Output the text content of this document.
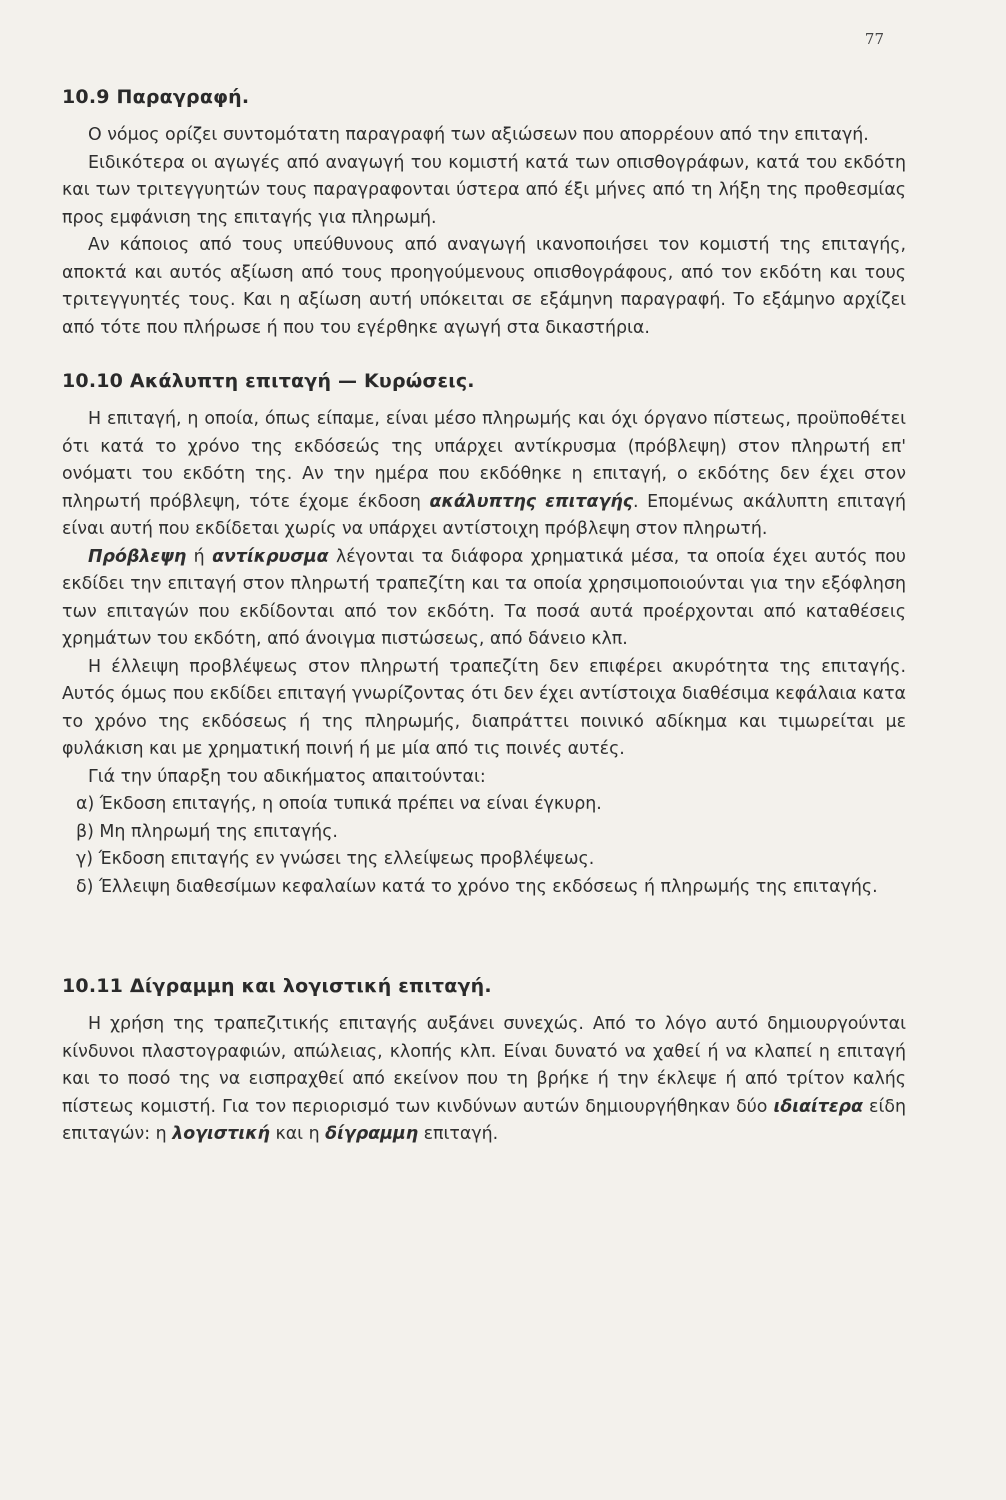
77
10.9 Παραγραφή.

Ο νόμος ορίζει συντομότατη παραγραφή των αξιώσεων που απορρέουν από την επιταγή.

Ειδικότερα οι αγωγές από αναγωγή του κομιστή κατά των οπισθογράφων, κατά του εκδότη και των τριτεγγυητών τους παραγραφονται ύστερα από έξι μήνες από τη λήξη της προθεσμίας προς εμφάνιση της επιταγής για πληρωμή.

Αν κάποιος από τους υπεύθυνους από αναγωγή ικανοποιήσει τον κομιστή της επιταγής, αποκτά και αυτός αξίωση από τους προηγούμενους οπισθογράφους, από τον εκδότη και τους τριτεγγυητές τους. Και η αξίωση αυτή υπόκειται σε εξάμηνη παραγραφή. Το εξάμηνο αρχίζει από τότε που πλήρωσε ή που του εγέρθηκε αγωγή στα δικαστήρια.

10.10 Ακάλυπτη επιταγή — Κυρώσεις.

Η επιταγή, η οποία, όπως είπαμε, είναι μέσο πληρωμής και όχι όργανο πίστεως, προϋποθέτει ότι κατά το χρόνο της εκδόσεώς της υπάρχει αντίκρυσμα (πρόβλεψη) στον πληρωτή επ' ονόματι του εκδότη της. Αν την ημέρα που εκδόθηκε η επιταγή, ο εκδότης δεν έχει στον πληρωτή πρόβλεψη, τότε έχομε έκδοση ακάλυπτης επιταγής. Επομένως ακάλυπτη επιταγή είναι αυτή που εκδίδεται χωρίς να υπάρχει αντίστοιχη πρόβλεψη στον πληρωτή.

Πρόβλεψη ή αντίκρυσμα λέγονται τα διάφορα χρηματικά μέσα, τα οποία έχει αυτός που εκδίδει την επιταγή στον πληρωτή τραπεζίτη και τα οποία χρησιμοποιούνται για την εξόφληση των επιταγών που εκδίδονται από τον εκδότη. Τα ποσά αυτά προέρχονται από καταθέσεις χρημάτων του εκδότη, από άνοιγμα πιστώσεως, από δάνειο κλπ.

Η έλλειψη προβλέψεως στον πληρωτή τραπεζίτη δεν επιφέρει ακυρότητα της επιταγής. Αυτός όμως που εκδίδει επιταγή γνωρίζοντας ότι δεν έχει αντίστοιχα διαθέσιμα κεφάλαια κατα το χρόνο της εκδόσεως ή της πληρωμής, διαπράττει ποινικό αδίκημα και τιμωρείται με φυλάκιση και με χρηματική ποινή ή με μία από τις ποινές αυτές.

Γιά την ύπαρξη του αδικήματος απαιτούνται:

α) Έκδοση επιταγής, η οποία τυπικά πρέπει να είναι έγκυρη.
β) Μη πληρωμή της επιταγής.
γ) Έκδοση επιταγής εν γνώσει της ελλείψεως προβλέψεως.
δ) Έλλειψη διαθεσίμων κεφαλαίων κατά το χρόνο της εκδόσεως ή πληρωμής της επιταγής.
10.11 Δίγραμμη και λογιστική επιταγή.

Η χρήση της τραπεζιτικής επιταγής αυξάνει συνεχώς. Από το λόγο αυτό δημιουργούνται κίνδυνοι πλαστογραφιών, απώλειας, κλοπής κλπ. Είναι δυνατό να χαθεί ή να κλαπεί η επιταγή και το ποσό της να εισπραχθεί από εκείνον που τη βρήκε ή την έκλεψε ή από τρίτον καλής πίστεως κομιστή. Για τον περιορισμό των κινδύνων αυτών δημιουργήθηκαν δύο ιδιαίτερα είδη επιταγών: η λογιστική και η δίγραμμη επιταγή.
